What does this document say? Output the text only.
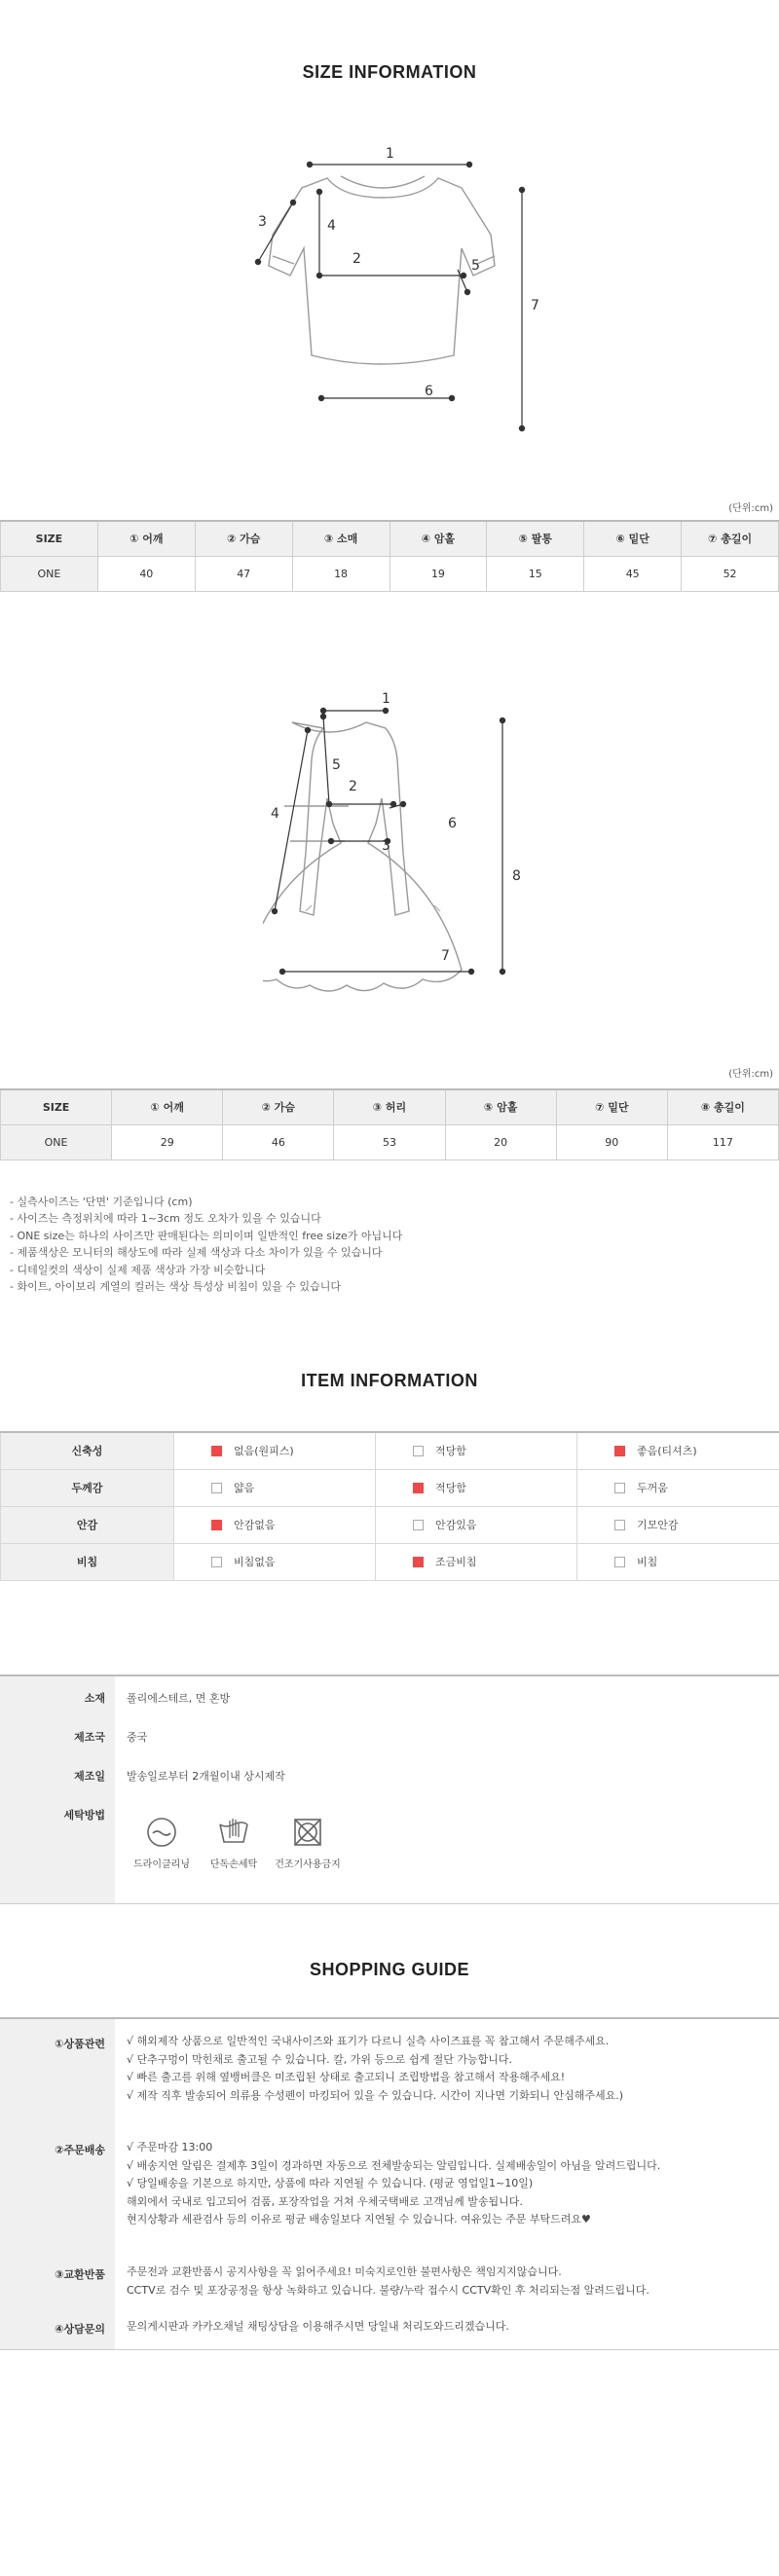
SIZE INFORMATION
1
3	4
2	5
7
6
(단위:cm)
SIZE	① 어깨	② 가슴	③ 소매	④ 암홀	⑤ 팔통	⑥ 밑단	⑦ 총길이
ONE	40	47	18	19	15	45	52
1
5
2
4
6
3
8
7
(단위:cm)
SIZE	① 어깨	② 가슴	③ 허리	⑤ 암홀	⑦ 밑단	⑧ 총길이
ONE	29	46	53	20	90	117
- 실측사이즈는 '단면' 기준입니다 (cm)
- 사이즈는 측정위치에 따라 1~3cm 정도 오차가 있을 수 있습니다
- ONE size는 하나의 사이즈만 판매된다는 의미이며 일반적인 free size가 아닙니다
- 제품색상은 모니터의 해상도에 따라 실제 색상과 다소 차이가 있을 수 있습니다
- 디테일컷의 색상이 실제 제품 색상과 가장 비슷합니다
- 화이트, 아이보리 계열의 컬러는 색상 특성상 비침이 있을 수 있습니다
ITEM INFORMATION
신축성	없음(원피스)	적당함	좋음(티셔츠)
두께감	얇음	적당함	두꺼움
안감	안감없음	안감있음	기모안감
비침	비침없음	조금비침	비침
소재 폴리에스테르, 면 혼방
제조국 중국
제조일 발송일로부터 2개월이내 상시제작
세탁방법
드라이클리닝	단독손세탁	건조기사용금지
SHOPPING GUIDE
①상품관련 √ 해외제작 상품으로 일반적인 국내사이즈와 표기가 다르니 실측 사이즈표를 꼭 참고해서 주문해주세요.
√ 단추구멍이 막힌채로 출고될 수 있습니다. 칼, 가위 등으로 쉽게 절단 가능합니다.
√ 빠른 출고를 위해 옆뱅버클은 미조립된 상태로 출고되니 조립방법을 참고해서 작용해주세요!
√ 제작 직후 발송되어 의류용 수성펜이 마킹되어 있을 수 있습니다. 시간이 지나면 기화되니 안심해주세요.)
②주문배송 √ 주문마감 13:00
√ 배송지연 알림은 결제후 3일이 경과하면 자동으로 전체발송되는 알림입니다. 실제배송일이 아님을 알려드립니다.
√ 당일배송을 기본으로 하지만, 상품에 따라 지연될 수 있습니다. (평균 영업일1~10일)
해외에서 국내로 입고되어 검품, 포장작업을 거쳐 우체국택배로 고객님께 발송됩니다.
현지상황과 세관검사 등의 이유로 평균 배송일보다 지연될 수 있습니다. 여유있는 주문 부탁드려요♥
③교환반품 주문전과 교환반품시 공지사항을 꼭 읽어주세요! 미숙지로인한 불편사항은 책임지지않습니다.
CCTV로 검수 및 포장공정을 항상 녹화하고 있습니다. 불량/누락 접수시 CCTV확인 후 처리되는점 알려드립니다.
④상담문의 문의게시판과 카카오채널 채팅상담을 이용해주시면 당일내 처리도와드리겠습니다.
